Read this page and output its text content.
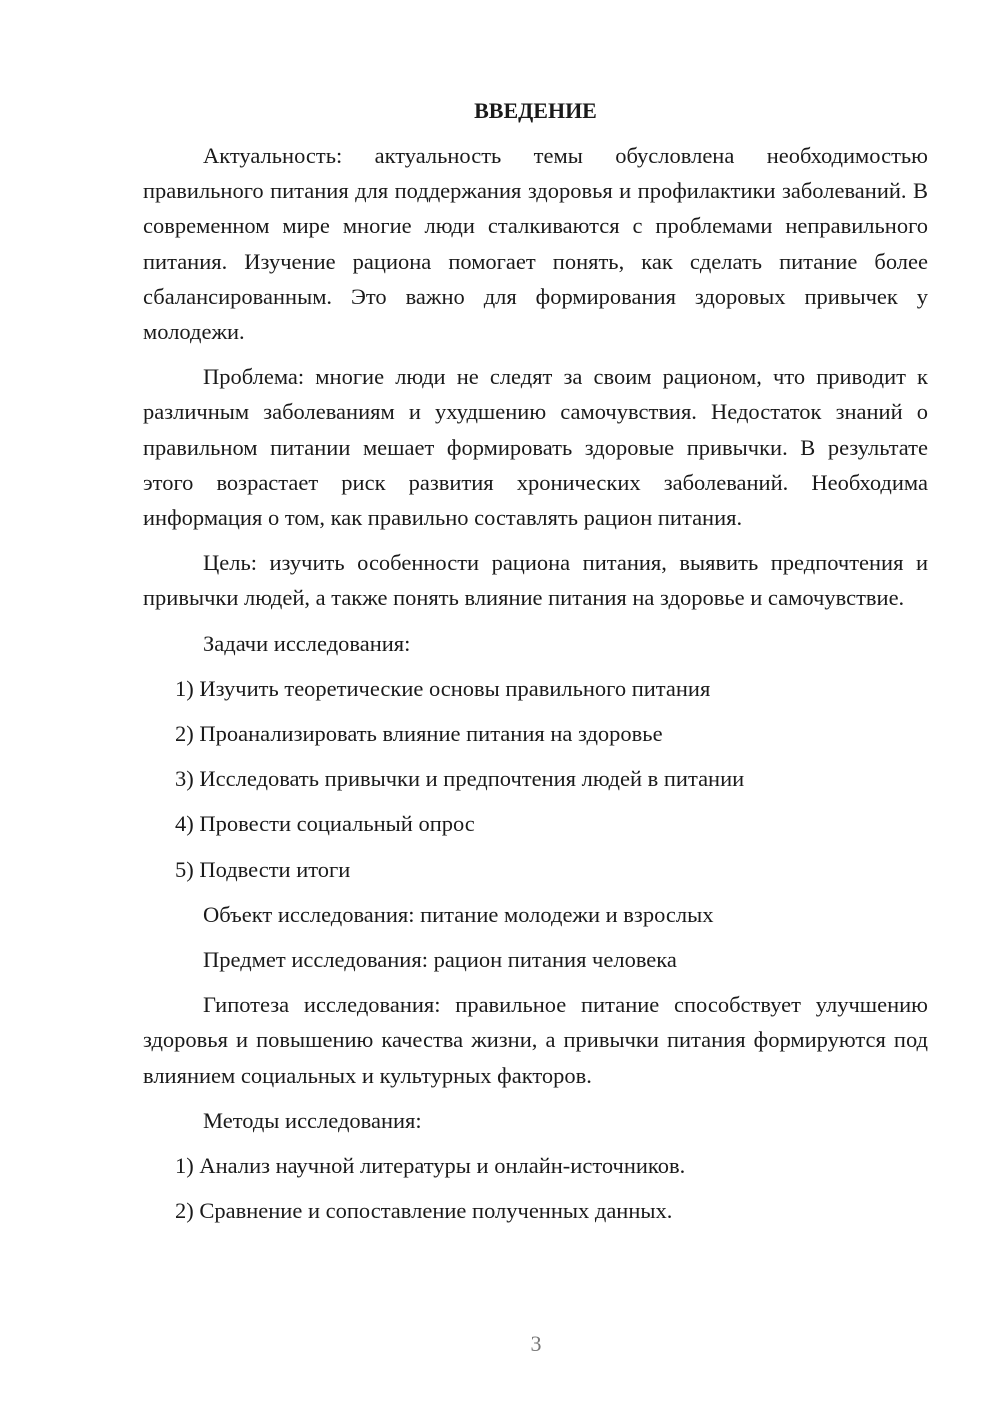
ВВЕДЕНИЕ

Актуальность: актуальность темы обусловлена необходимостью правильного питания для поддержания здоровья и профилактики заболеваний. В современном мире многие люди сталкиваются с проблемами неправильного питания. Изучение рациона помогает понять, как сделать питание более сбалансированным. Это важно для формирования здоровых привычек у молодежи.

Проблема: многие люди не следят за своим рационом, что приводит к различным заболеваниям и ухудшению самочувствия. Недостаток знаний о правильном питании мешает формировать здоровые привычки. В результате этого возрастает риск развития хронических заболеваний. Необходима информация о том, как правильно составлять рацион питания.

Цель: изучить особенности рациона питания, выявить предпочтения и привычки людей, а также понять влияние питания на здоровье и самочувствие.

Задачи исследования:
1) Изучить теоретические основы правильного питания
2) Проанализировать влияние питания на здоровье
3) Исследовать привычки и предпочтения людей в питании
4) Провести социальный опрос
5) Подвести итоги
Объект исследования: питание молодежи и взрослых
Предмет исследования: рацион питания человека

Гипотеза исследования: правильное питание способствует улучшению здоровья и повышению качества жизни, а привычки питания формируются под влиянием социальных и культурных факторов.

Методы исследования:
1) Анализ научной литературы и онлайн-источников.
2) Сравнение и сопоставление полученных данных.
3
